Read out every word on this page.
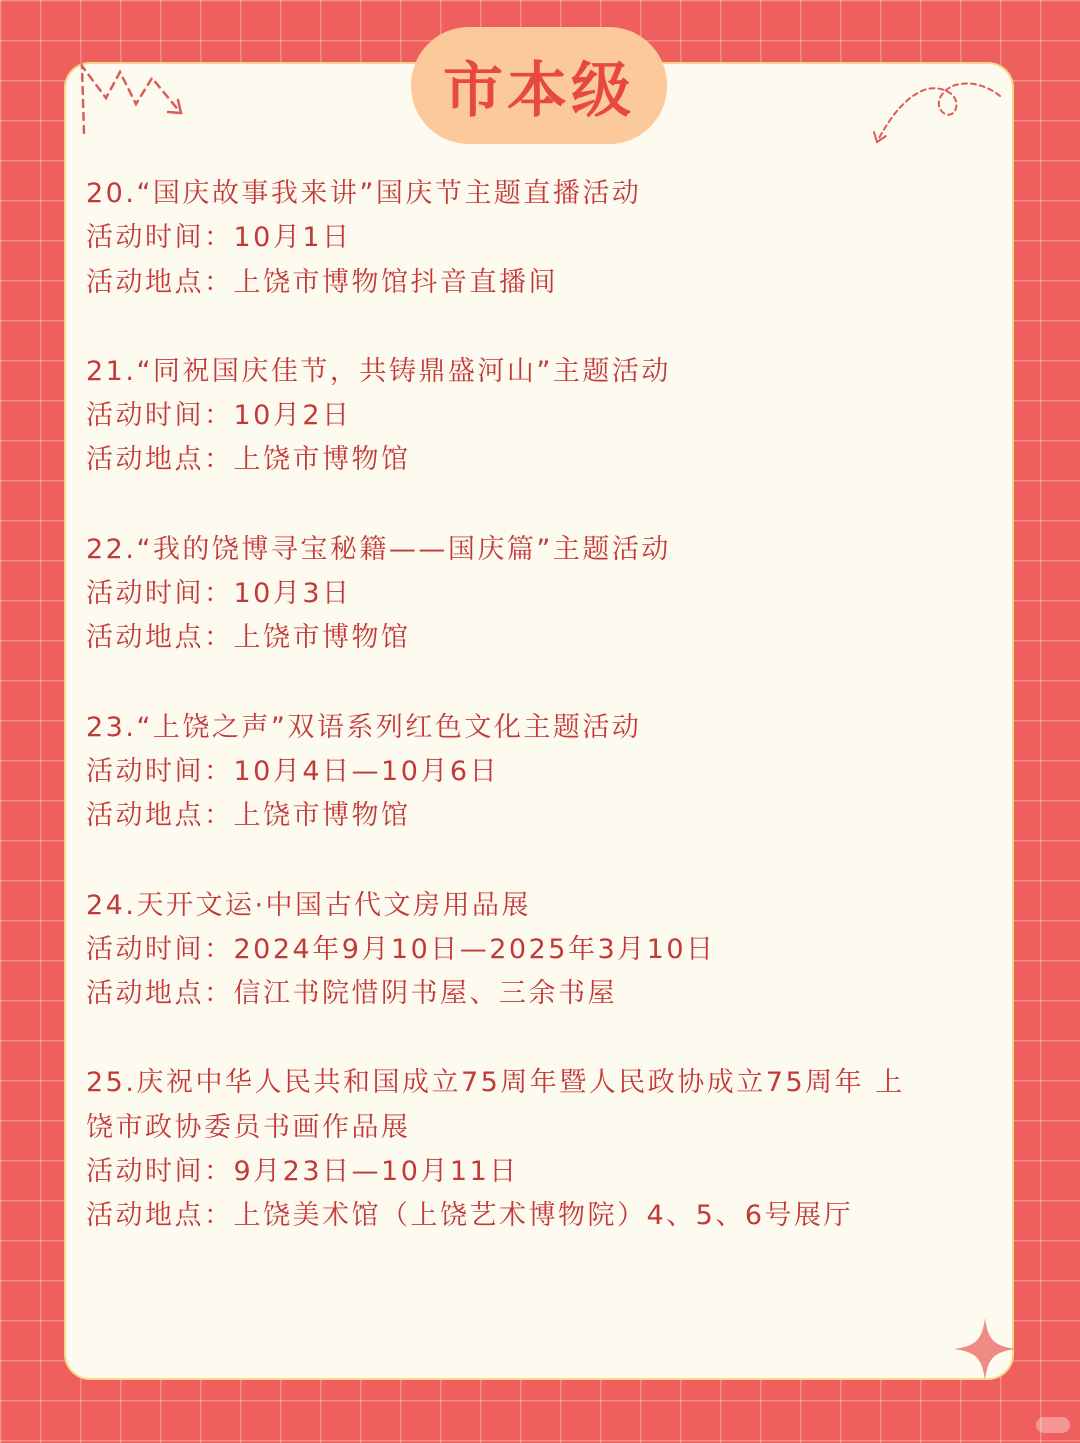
市本级
20.“国庆故事我来讲”国庆节主题直播活动
活动时间：10月1日
活动地点：上饶市博物馆抖音直播间
21.“同祝国庆佳节，共铸鼎盛河山”主题活动
活动时间：10月2日
活动地点：上饶市博物馆
22.“我的饶博寻宝秘籍——国庆篇”主题活动
活动时间：10月3日
活动地点：上饶市博物馆
23.“上饶之声”双语系列红色文化主题活动
活动时间：10月4日—10月6日
活动地点：上饶市博物馆
24.天开文运·中国古代文房用品展
活动时间：2024年9月10日—2025年3月10日
活动地点：信江书院惜阴书屋、三余书屋
25.庆祝中华人民共和国成立75周年暨人民政协成立75周年 上
饶市政协委员书画作品展
活动时间：9月23日—10月11日
活动地点：上饶美术馆（上饶艺术博物院）4、5、6号展厅
